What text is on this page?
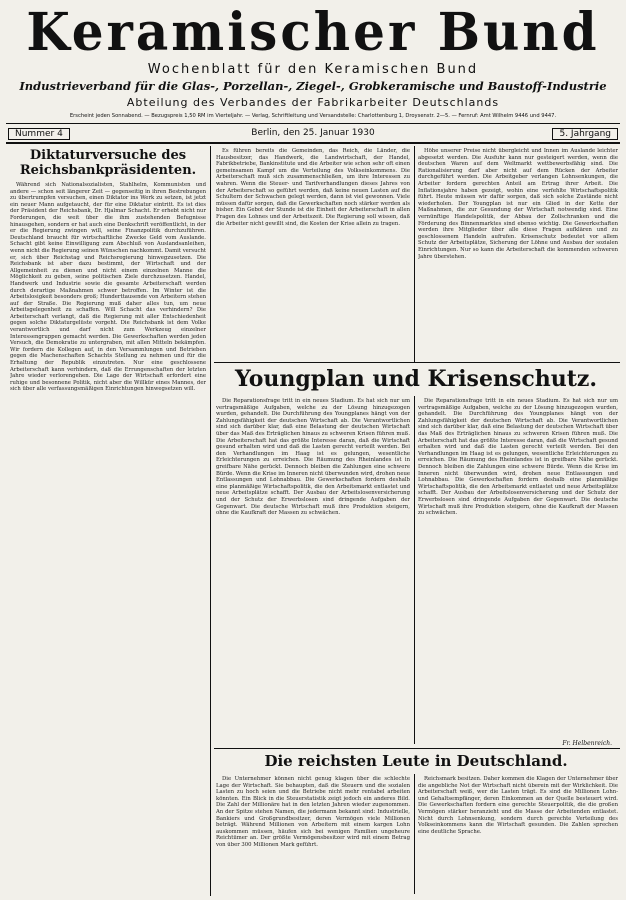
Keramischer Bund
Wochenblatt für den Keramischen Bund
Industrieverband für die Glas-, Porzellan-, Ziegel-, Grobkeramische und Baustoff-Industrie
Abteilung des Verbandes der Fabrikarbeiter Deutschlands
Erscheint jeden Sonnabend. — Bezugspreis 1,50 RM im Vierteljahr. — Verlag, Schriftleitung und Versandstelle: Charlottenburg 1, Droysenstr. 2—5. — Fernruf: Amt Wilhelm 9446 und 9447.
Nummer 4	Berlin, den 25. Januar 1930	5. Jahrgang
Diktaturversuche des Reichsbankpräsidenten.

Während sich Nationalsozialisten, Stahlhelm, Kommunisten und andere — schon seit längerer Zeit — gegenseitig in ihren Bestrebungen zu übertrumpfen versuchen, einen Diktator ins Werk zu setzen, ist jetzt ein neuer Mann aufgetaucht, der für eine Diktatur eintritt. Es ist dies der Präsident der Reichsbank, Dr. Hjalmar Schacht. Er erhebt nicht nur Forderungen, die weit über die ihm zustehenden Befugnisse hinausgehen, sondern er hat auch eine Denkschrift veröffentlicht, in der er die Regierung zwingen will, seine Finanzpolitik durchzuführen. Deutschland braucht für wirtschaftliche Zwecke Geld vom Auslande. Schacht gibt keine Einwilligung zum Abschluß von Auslandsanleihen, wenn nicht die Regierung seinen Wünschen nachkommt. Damit versucht er, sich über Reichstag und Reichsregierung hinwegzusetzen. Die Reichsbank ist aber dazu bestimmt, der Wirtschaft und der Allgemeinheit zu dienen und nicht einem einzelnen Manne die Möglichkeit zu geben, seine politischen Ziele durchzusetzen. Handel, Handwerk und Industrie sowie die gesamte Arbeiterschaft werden durch derartige Maßnahmen schwer betroffen. Im Winter ist die Arbeitslosigkeit besonders groß; Hunderttausende von Arbeitern stehen auf der Straße. Die Regierung muß daher alles tun, um neue Arbeitsgelegenheit zu schaffen. Will Schacht das verhindern? Die Arbeiterschaft verlangt, daß die Regierung mit aller Entschiedenheit gegen solche Diktaturgelüste vorgeht. Die Reichsbank ist dem Volke verantwortlich und darf nicht zum Werkzeug einzelner Interessengruppen gemacht werden. Die Gewerkschaften werden jeden Versuch, die Demokratie zu untergraben, mit allen Mitteln bekämpfen. Wir fordern die Kollegen auf, in den Versammlungen und Betrieben gegen die Machenschaften Schachts Stellung zu nehmen und für die Erhaltung der Republik einzutreten. Nur eine geschlossene Arbeiterschaft kann verhindern, daß die Errungenschaften der letzten Jahre wieder verlorengehen. Die Lage der Wirtschaft erfordert eine ruhige und besonnene Politik, nicht aber die Willkür eines Mannes, der sich über alle verfassungsmäßigen Einrichtungen hinwegsetzen will.

Es führen bereits die Gemeinden, das Reich, die Länder, die Hausbesitzer, das Handwerk, die Landwirtschaft, der Handel, Fabrikbetriebe, Bankinstitute und die Arbeiter wie schon sehr oft einen gemeinsamen Kampf um die Verteilung des Volkseinkommens. Die Arbeiterschaft muß sich zusammenschließen, um ihre Interessen zu wahren. Wenn die Steuer- und Tarifverhandlungen dieses Jahres von der Arbeiterschaft so geführt werden, daß keine neuen Lasten auf die Schultern der Schwachen gelegt werden, dann ist viel gewonnen. Viele müssen dafür sorgen, daß die Gewerkschaften noch stärker werden als bisher. Ein Gebot der Stunde ist die Einheit der Arbeiterschaft in allen Fragen des Lohnes und der Arbeitszeit. Die Regierung soll wissen, daß die Arbeiter nicht gewillt sind, die Kosten der Krise allein zu tragen.

Höhe unserer Preise nicht übergleicht und Innen im Auslande leichter abgesetzt werden. Die Ausfuhr kann nur gesteigert werden, wenn die deutschen Waren auf dem Weltmarkt wettbewerbsfähig sind. Die Rationalisierung darf aber nicht auf dem Rücken der Arbeiter durchgeführt werden. Die Arbeitgeber verlangen Lohnsenkungen, die Arbeiter fordern gerechten Anteil am Ertrag ihrer Arbeit. Die Inflationsjahre haben gezeigt, wohin eine verfehlte Wirtschaftspolitik führt. Heute müssen wir dafür sorgen, daß sich solche Zustände nicht wiederholen. Der Youngplan ist nur ein Glied in der Kette der Maßnahmen, die zur Gesundung der Wirtschaft notwendig sind. Eine vernünftige Handelspolitik, der Abbau der Zollschranken und die Förderung des Binnenmarktes sind ebenso wichtig. Die Gewerkschaften werden ihre Mitglieder über alle diese Fragen aufklären und zu geschlossenem Handeln aufrufen. Krisenschutz bedeutet vor allem Schutz der Arbeitsplätze, Sicherung der Löhne und Ausbau der sozialen Einrichtungen. Nur so kann die Arbeiterschaft die kommenden schweren Jahre überstehen.

Youngplan und Krisenschutz.

Die Reparationsfrage tritt in ein neues Stadium. Es hat sich nur um vertragsmäßige Aufgaben, welche zu der Lösung hinzugezogen wurden, gehandelt. Die Durchführung des Youngplanes hängt von der Zahlungsfähigkeit der deutschen Wirtschaft ab. Die Verantwortlichen sind sich darüber klar, daß eine Belastung der deutschen Wirtschaft über das Maß des Erträglichen hinaus zu schweren Krisen führen muß. Die Arbeiterschaft hat das größte Interesse daran, daß die Wirtschaft gesund erhalten wird und daß die Lasten gerecht verteilt werden. Bei den Verhandlungen im Haag ist es gelungen, wesentliche Erleichterungen zu erreichen. Die Räumung des Rheinlandes ist in greifbare Nähe gerückt. Dennoch bleiben die Zahlungen eine schwere Bürde. Wenn die Krise im Inneren nicht überwunden wird, drohen neue Entlassungen und Lohnabbau. Die Gewerkschaften fordern deshalb eine planmäßige Wirtschaftspolitik, die den Arbeitsmarkt entlastet und neue Arbeitsplätze schafft. Der Ausbau der Arbeitslosenversicherung und der Schutz der Erwerbslosen sind dringende Aufgaben der Gegenwart. Die deutsche Wirtschaft muß ihre Produktion steigern, ohne die Kaufkraft der Massen zu schwächen.

Die Reparationsfrage tritt in ein neues Stadium. Es hat sich nur um vertragsmäßige Aufgaben, welche zu der Lösung hinzugezogen wurden, gehandelt. Die Durchführung des Youngplanes hängt von der Zahlungsfähigkeit der deutschen Wirtschaft ab. Die Verantwortlichen sind sich darüber klar, daß eine Belastung der deutschen Wirtschaft über das Maß des Erträglichen hinaus zu schweren Krisen führen muß. Die Arbeiterschaft hat das größte Interesse daran, daß die Wirtschaft gesund erhalten wird und daß die Lasten gerecht verteilt werden. Bei den Verhandlungen im Haag ist es gelungen, wesentliche Erleichterungen zu erreichen. Die Räumung des Rheinlandes ist in greifbare Nähe gerückt. Dennoch bleiben die Zahlungen eine schwere Bürde. Wenn die Krise im Inneren nicht überwunden wird, drohen neue Entlassungen und Lohnabbau. Die Gewerkschaften fordern deshalb eine planmäßige Wirtschaftspolitik, die den Arbeitsmarkt entlastet und neue Arbeitsplätze schafft. Der Ausbau der Arbeitslosenversicherung und der Schutz der Erwerbslosen sind dringende Aufgaben der Gegenwart. Die deutsche Wirtschaft muß ihre Produktion steigern, ohne die Kaufkraft der Massen zu schwächen.

Fr. Helbenreich.
Die reichsten Leute in Deutschland.

Die Unternehmer können nicht genug klagen über die schlechte Lage der Wirtschaft. Sie behaupten, daß die Steuern und die sozialen Lasten zu hoch seien und die Betriebe nicht mehr rentabel arbeiten könnten. Ein Blick in die Steuerstatistik zeigt jedoch ein anderes Bild. Die Zahl der Millionäre hat in den letzten Jahren wieder zugenommen. An der Spitze stehen Namen, die jedermann bekannt sind: Industrielle, Bankiers und Großgrundbesitzer, deren Vermögen viele Millionen beträgt. Während Millionen von Arbeitern mit einem kargen Lohn auskommen müssen, häufen sich bei wenigen Familien ungeheure Reichtümer an. Der größte Vermögensbesitzer wird mit einem Betrag von über 300 Millionen Mark geführt.

Reichsmark besitzen. Daher kommen die Klagen der Unternehmer über die angebliche Not der Wirtschaft nicht überein mit der Wirklichkeit. Die Arbeiterschaft weiß, wer die Lasten trägt. Es sind die Millionen Lohn- und Gehaltsempfänger, deren Einkommen an der Quelle besteuert wird. Die Gewerkschaften fordern eine gerechte Steuerpolitik, die die großen Vermögen stärker heranzieht und die Masse der Arbeitenden entlastet. Nicht durch Lohnsenkung, sondern durch gerechte Verteilung des Volkseinkommens kann die Wirtschaft gesunden. Die Zahlen sprechen eine deutliche Sprache.
